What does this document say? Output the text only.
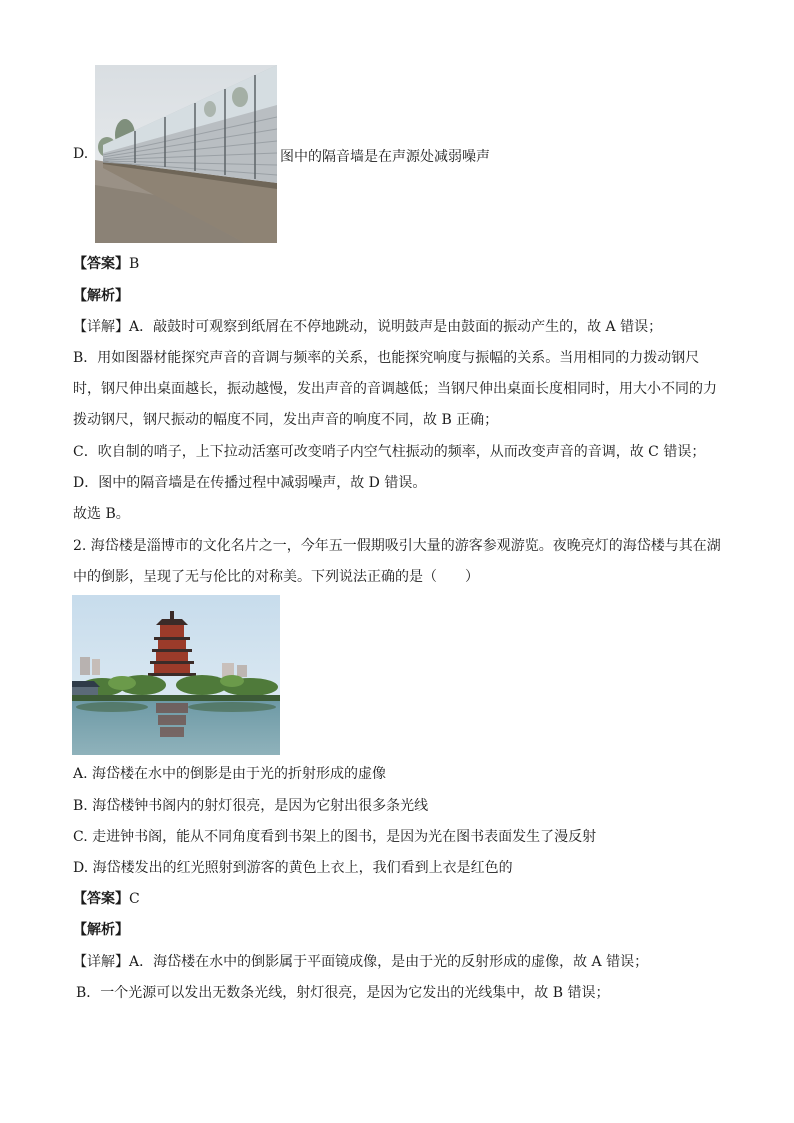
D.	图中的隔音墙是在声源处减弱噪声
【答案】B
【解析】
【详解】A．敲鼓时可观察到纸屑在不停地跳动，说明鼓声是由鼓面的振动产生的，故 A 错误；
B．用如图器材能探究声音的音调与频率的关系，也能探究响度与振幅的关系。当用相同的力拨动钢尺
时，钢尺伸出桌面越长，振动越慢，发出声音的音调越低；当钢尺伸出桌面长度相同时，用大小不同的力
拨动钢尺，钢尺振动的幅度不同，发出声音的响度不同，故 B 正确；
C．吹自制的哨子，上下拉动活塞可改变哨子内空气柱振动的频率，从而改变声音的音调，故 C 错误；
D．图中的隔音墙是在传播过程中减弱噪声，故 D 错误。
故选 B。
2. 海岱楼是淄博市的文化名片之一，今年五一假期吸引大量的游客参观游览。夜晚亮灯的海岱楼与其在湖
中的倒影，呈现了无与伦比的对称美。下列说法正确的是（　　）
A. 海岱楼在水中的倒影是由于光的折射形成的虚像
B. 海岱楼钟书阁内的射灯很亮，是因为它射出很多条光线
C. 走进钟书阁，能从不同角度看到书架上的图书，是因为光在图书表面发生了漫反射
D. 海岱楼发出的红光照射到游客的黄色上衣上，我们看到上衣是红色的
【答案】C
【解析】
【详解】A．海岱楼在水中的倒影属于平面镜成像，是由于光的反射形成的虚像，故 A 错误；
B．一个光源可以发出无数条光线，射灯很亮，是因为它发出的光线集中，故 B 错误；
